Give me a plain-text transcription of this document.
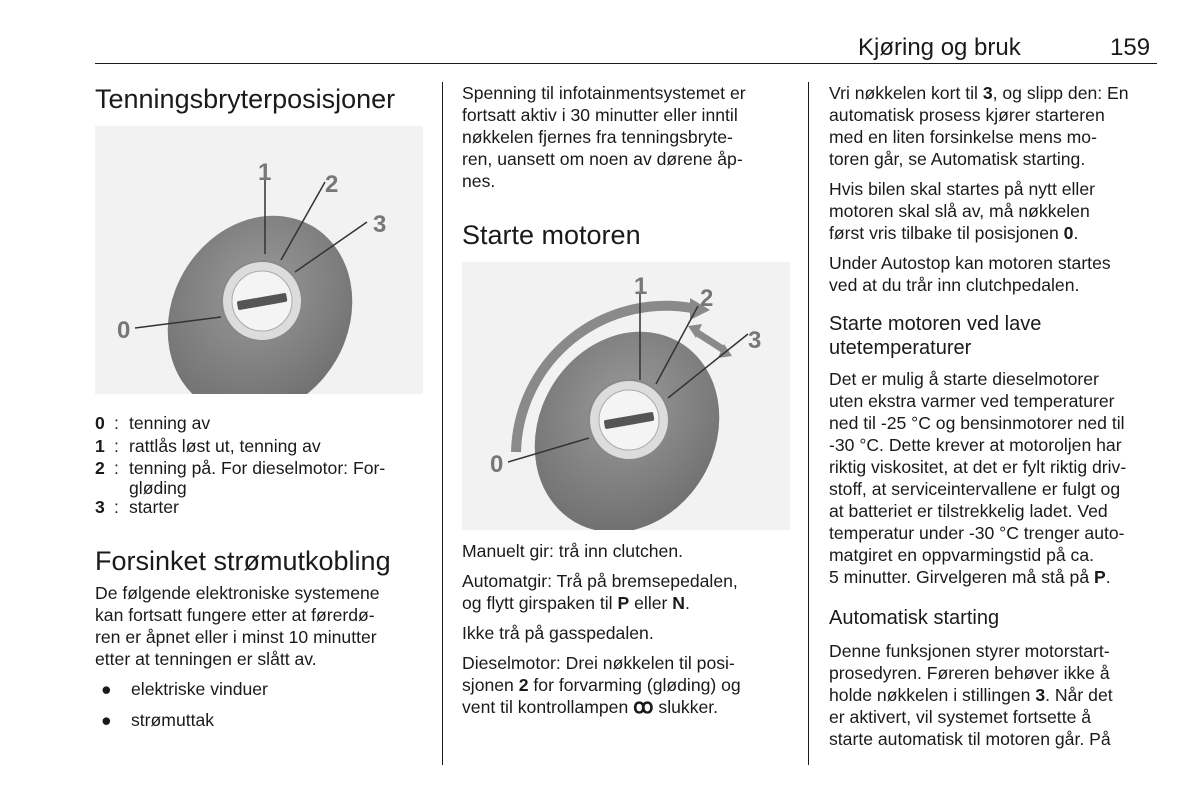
Kjøring og bruk	159
Tenningsbryterposisjoner
1 2
3
0
0 : tenning av
1 : rattlås løst ut, tenning av
2 : tenning på. For dieselmotor: For-
gløding
3 : starter
Forsinket strømutkobling

De følgende elektroniske systemene
kan fortsatt fungere etter at førerdø-
ren er åpnet eller i minst 10 minutter
etter at tenningen er slått av.

● elektriske vinduer
● strømuttak

Spenning til infotainmentsystemet er
fortsatt aktiv i 30 minutter eller inntil
nøkkelen fjernes fra tenningsbryte-
ren, uansett om noen av dørene åp-
nes.

Starte motoren
1 2
3
0

Manuelt gir: trå inn clutchen.

Automatgir: Trå på bremsepedalen,
og flytt girspaken til P eller N.

Ikke trå på gasspedalen.

Dieselmotor: Drei nøkkelen til posi-
sjonen 2 for forvarming (gløding) og
vent til kontrollampen ꝏ slukker.

Vri nøkkelen kort til 3, og slipp den: En
automatisk prosess kjører starteren
med en liten forsinkelse mens mo-
toren går, se Automatisk starting.

Hvis bilen skal startes på nytt eller
motoren skal slå av, må nøkkelen
først vris tilbake til posisjonen 0.

Under Autostop kan motoren startes
ved at du trår inn clutchpedalen.

Starte motoren ved lave
utetemperaturer

Det er mulig å starte dieselmotorer
uten ekstra varmer ved temperaturer
ned til -25 °C og bensinmotorer ned til
-30 °C. Dette krever at motoroljen har
riktig viskositet, at det er fylt riktig driv-
stoff, at serviceintervallene er fulgt og
at batteriet er tilstrekkelig ladet. Ved
temperatur under -30 °C trenger auto-
matgiret en oppvarmingstid på ca.
5 minutter. Girvelgeren må stå på P.

Automatisk starting

Denne funksjonen styrer motorstart-
prosedyren. Føreren behøver ikke å
holde nøkkelen i stillingen 3. Når det
er aktivert, vil systemet fortsette å
starte automatisk til motoren går. På
